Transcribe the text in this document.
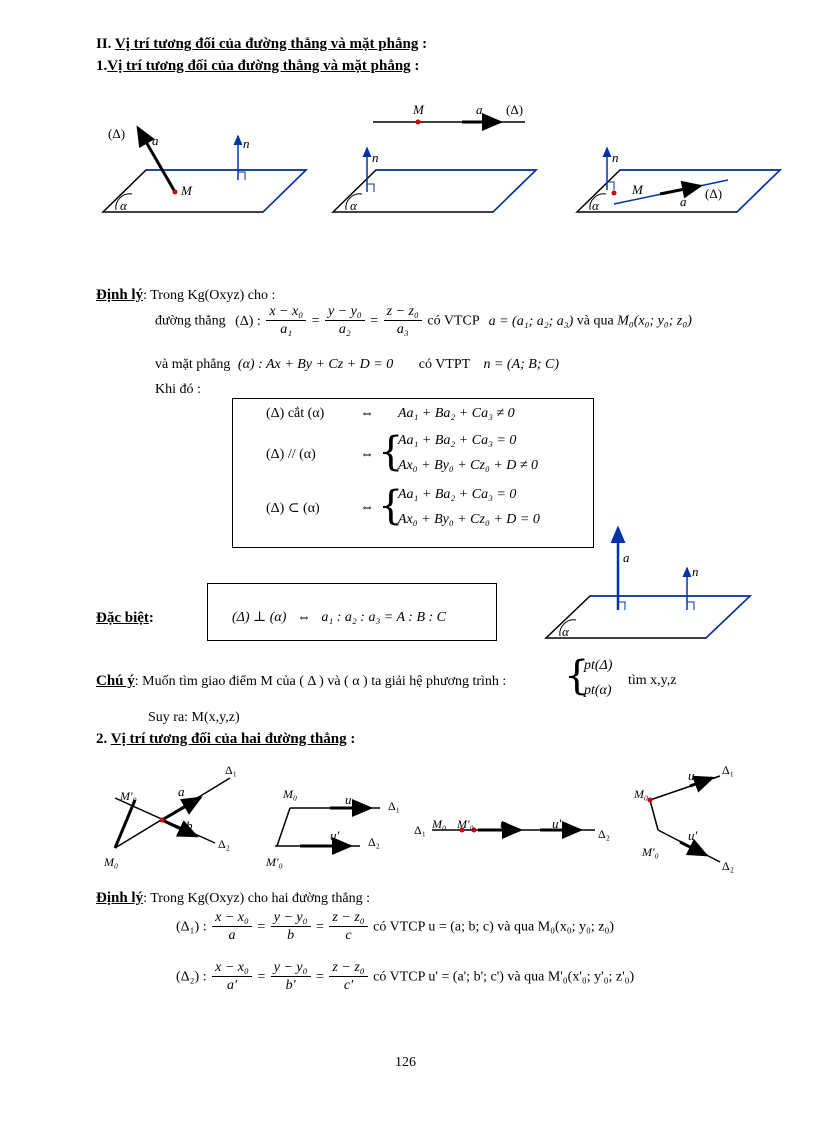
II. Vị trí tương đối của đường thẳng và mặt phẳng :
1.Vị trí tương đối của đường thẳng và mặt phẳng :
(Δ) a	n
M
α
M	a (Δ)
n
α
n
M
a
(Δ)
α
Định lý: Trong Kg(Oxyz) cho :
đường thẳng (Δ) : $\frac{\text{x − x₀}}{\text{a₁}} = \frac{\text{y − y₀}}{\text{a₂}} = \frac{\text{z − z₀}}{\text{a₃}}$ có VTCP a = (a₁; a₂; a₃) và qua M₀(x₀; y₀; z₀)
và mặt phẳng (α) : Ax + By + Cz + D = 0 có VTPT n = (A; B; C)
Khi đó :
(Δ) cắt (α)	⇔ Aa₁ + Ba₂ + Ca₃ ≠ 0
(Δ) // (α)	⇔ {
Aa₁ + Ba₂ + Ca₃ = 0
Ax₀ + By₀ + Cz₀ + D ≠ 0
(Δ) ⊂ (α)	⇔ {
Aa₁ + Ba₂ + Ca₃ = 0
Ax₀ + By₀ + Cz₀ + D = 0
Đặc biệt:	(Δ) ⊥ (α)   ⇔   a₁ : a₂ : a₃ = A : B : C
a
n
α
Chú ý: Muốn tìm giao điểm M của ( Δ ) và ( α ) ta giải hệ phương trình : {
pt(Δ)
pt(α)
tìm x,y,z
Suy ra: M(x,y,z)
2. Vị trí tương đối của hai đường thẳng :
Δ₁
Δ₂
M'₀
M₀
a
b
M₀	u	Δ₁
u' Δ₂
M'₀
Δ₁ M₀ M'₀ u	u'
Δ₂
Δ₁
u
M₀
u'
M'₀
Δ₂
Định lý: Trong Kg(Oxyz) cho hai đường thẳng :
(Δ₁) : $\frac{\text{x − x₀}}{a} = \frac{\text{y − y₀}}{b} = \frac{\text{z − z₀}}{c}$ có VTCP u = (a; b; c) và qua M₀(x₀; y₀; z₀)
(Δ₂) : $\frac{\text{x − x₀}}{a'} = \frac{\text{y − y₀}}{b'} = \frac{\text{z − z₀}}{c'}$ có VTCP u' = (a'; b'; c') và qua M'₀(x'₀; y'₀; z'₀)
126
